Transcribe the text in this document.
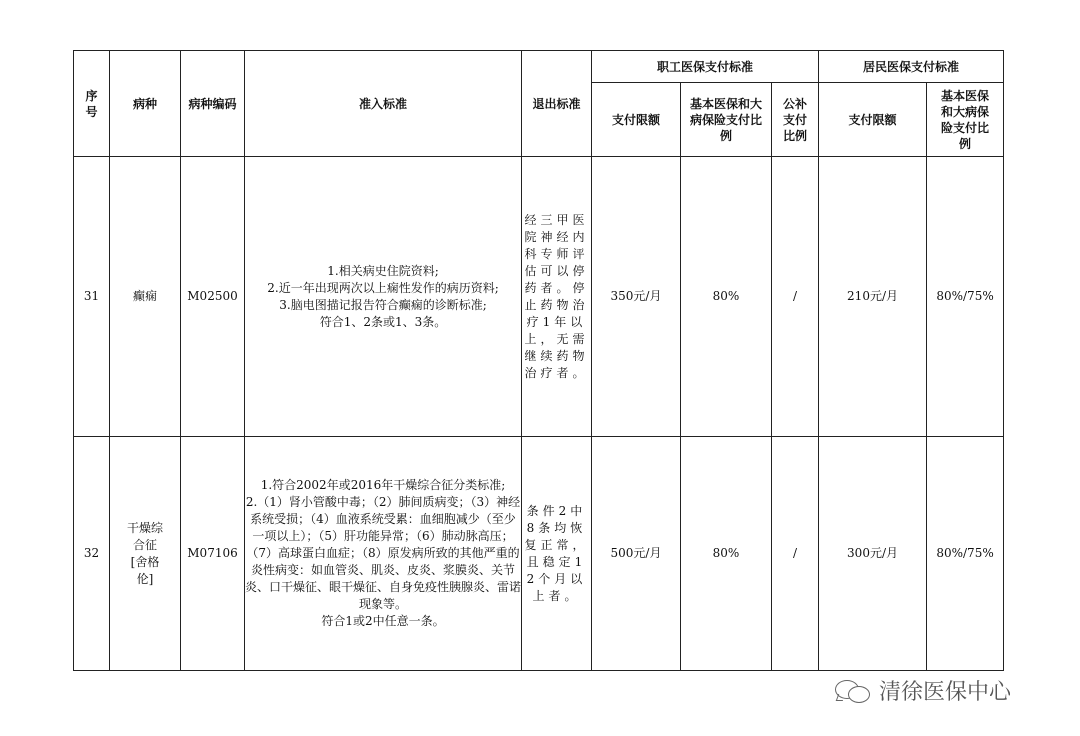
序号	病种	病种编码	准入标准	退出标准	职工医保支付标准			居民医保支付标准	
					支付限额	基本医保和大病保险支付比例	公补支付比例	支付限额	基本医保和大病保险支付比例
31	癫痫	M02500	1.相关病史住院资料;
2.近一年出现两次以上痫性发作的病历资料;
3.脑电图描记报告符合癫痫的诊断标准;
符合1、2条或1、3条。	经三甲医院神经内科专师评估可以停药者。停止药物治疗1年以上，无需继续药物治疗者。	350元/月	80%	/	210元/月	80%/75%
32	干燥综合征[舍格伦]	M07106	1.符合2002年或2016年干燥综合征分类标准;
2.（1）肾小管酸中毒；（2）肺间质病变；（3）神经系统受损；（4）血液系统受累：血细胞减少（至少一项以上）；（5）肝功能异常；（6）肺动脉高压；（7）高球蛋白血症；（8）原发病所致的其他严重的炎性病变：如血管炎、肌炎、皮炎、浆膜炎、关节炎、口干燥征、眼干燥征、自身免疫性胰腺炎、雷诺现象等。
符合1或2中任意一条。	条件2中8条均恢复正常，且稳定12个月以上者。	500元/月	80%	/	300元/月	80%/75%
清徐医保中心
